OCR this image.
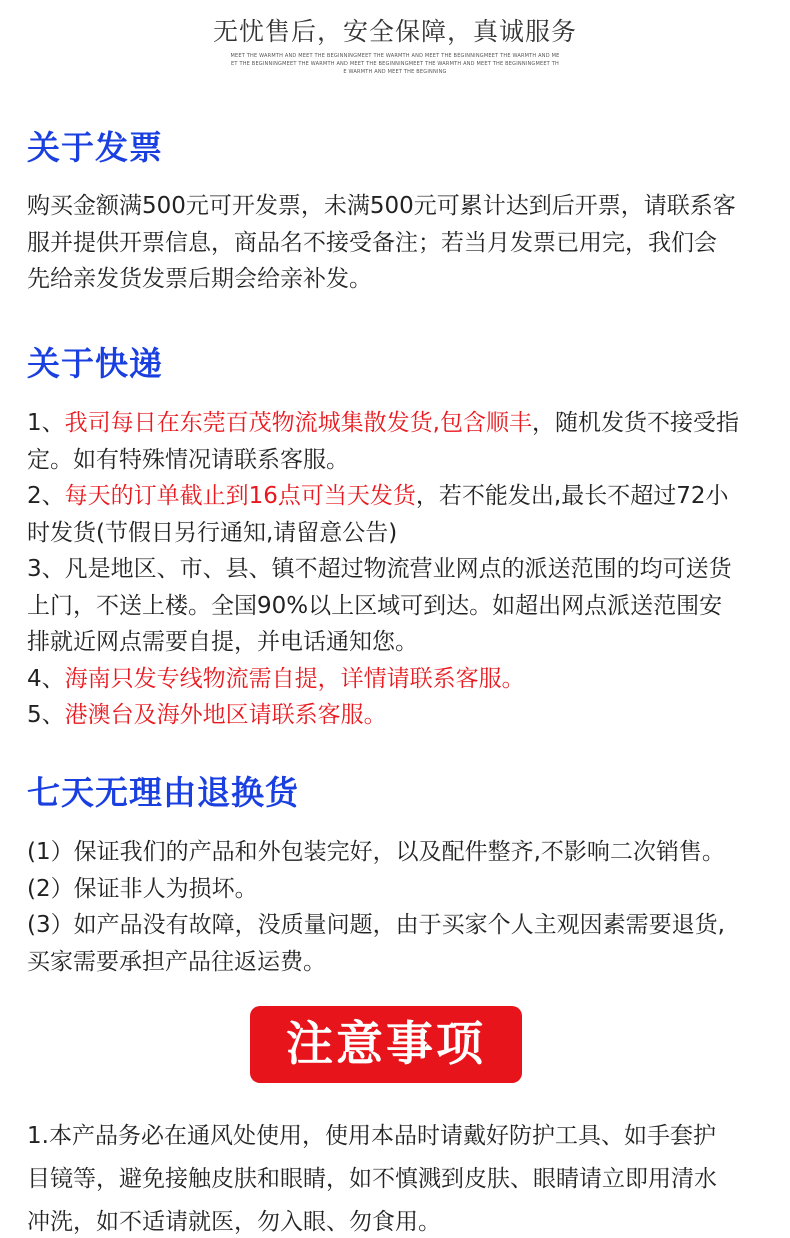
无忧售后，安全保障，真诚服务
MEET THE WARMTH AND MEET THE BEGINNINGMEET THE WARMTH AND MEET THE BEGINNINGMEET THE WARMTH AND MEET THE BEGINNINGMEET THE WARMTH AND MEET THE BEGINNINGMEET THE WARMTH AND MEET THE BEGINNINGMEET THE WARMTH AND MEET THE BEGINNING
关于发票
购买金额满500元可开发票，未满500元可累计达到后开票，请联系客
服并提供开票信息，商品名不接受备注；若当月发票已用完，我们会
先给亲发货发票后期会给亲补发。
关于快递
1、我司每日在东莞百茂物流城集散发货,包含顺丰，随机发货不接受指
定。如有特殊情况请联系客服。
2、每天的订单截止到16点可当天发货，若不能发出,最长不超过72小
时发货(节假日另行通知,请留意公告)
3、凡是地区、市、县、镇不超过物流营业网点的派送范围的均可送货
上门，不送上楼。全国90%以上区域可到达。如超出网点派送范围安
排就近网点需要自提，并电话通知您。
4、海南只发专线物流需自提，详情请联系客服。
5、港澳台及海外地区请联系客服。
七天无理由退换货
(1）保证我们的产品和外包装完好，以及配件整齐,不影响二次销售。
(2）保证非人为损坏。
(3）如产品没有故障，没质量问题，由于买家个人主观因素需要退货,
买家需要承担产品往返运费。
注意事项
1.本产品务必在通风处使用，使用本品时请戴好防护工具、如手套护
目镜等，避免接触皮肤和眼睛，如不慎溅到皮肤、眼睛请立即用清水
冲洗，如不适请就医，勿入眼、勿食用。
